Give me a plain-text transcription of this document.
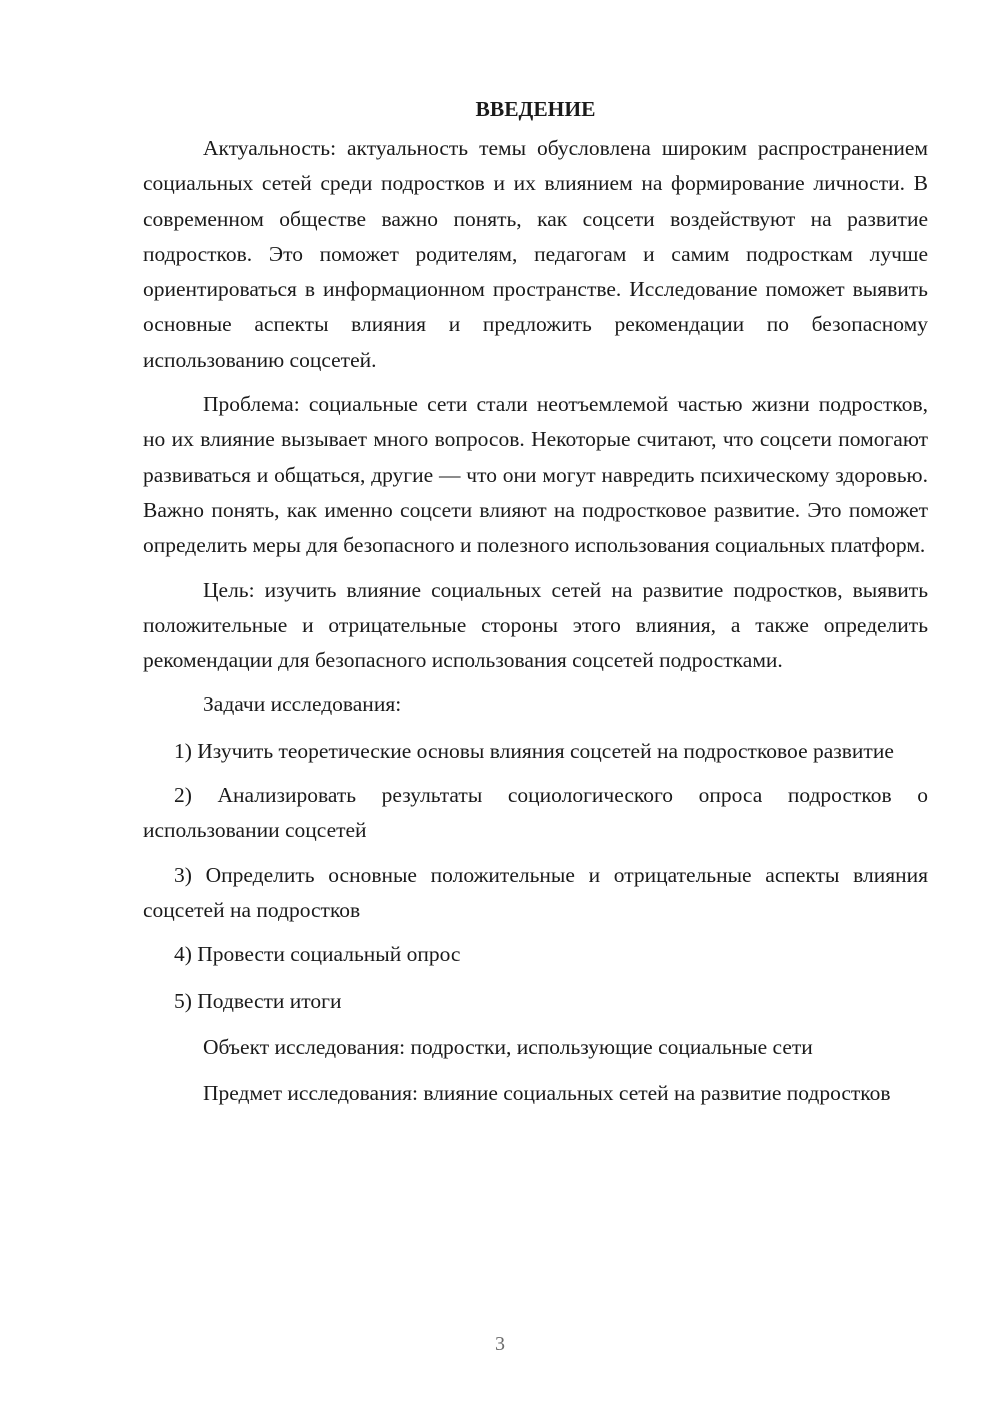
ВВЕДЕНИЕ

Актуальность: актуальность темы обусловлена широким распространением социальных сетей среди подростков и их влиянием на формирование личности. В современном обществе важно понять, как соцсети воздействуют на развитие подростков. Это поможет родителям, педагогам и самим подросткам лучше ориентироваться в информационном пространстве. Исследование поможет выявить основные аспекты влияния и предложить рекомендации по безопасному использованию соцсетей.

Проблема: социальные сети стали неотъемлемой частью жизни подростков, но их влияние вызывает много вопросов. Некоторые считают, что соцсети помогают развиваться и общаться, другие — что они могут навредить психическому здоровью. Важно понять, как именно соцсети влияют на подростковое развитие. Это поможет определить меры для безопасного и полезного использования социальных платформ.

Цель: изучить влияние социальных сетей на развитие подростков, выявить положительные и отрицательные стороны этого влияния, а также определить рекомендации для безопасного использования соцсетей подростками.

Задачи исследования:

1) Изучить теоретические основы влияния соцсетей на подростковое развитие

2) Анализировать результаты социологического опроса подростков о использовании соцсетей

3) Определить основные положительные и отрицательные аспекты влияния соцсетей на подростков

4) Провести социальный опрос

5) Подвести итоги

Объект исследования: подростки, использующие социальные сети

Предмет исследования: влияние социальных сетей на развитие подростков

3
